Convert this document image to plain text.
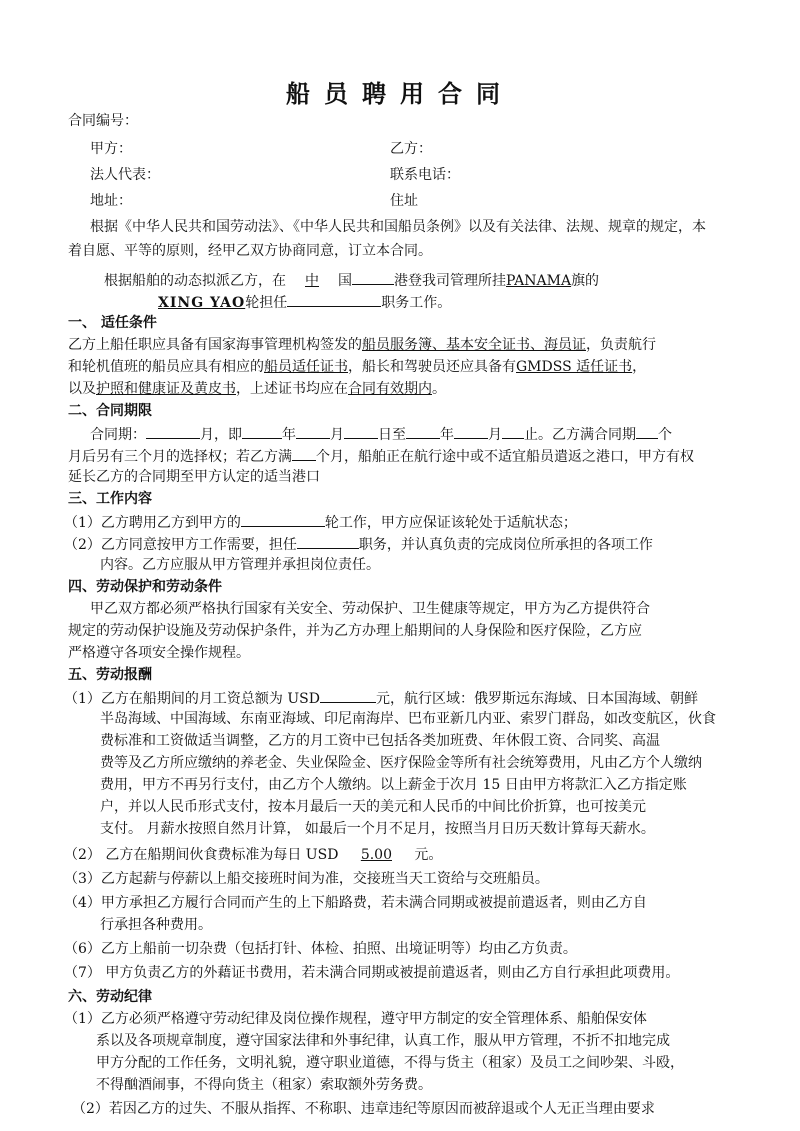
船员聘用合同
合同编号：
甲方：	乙方：
法人代表：	联系电话：
地址：	住址
根据《中华人民共和国劳动法》、《中华人民共和国船员条例》以及有关法律、法规、规章的规定，本
着自愿、平等的原则，经甲乙双方协商同意，订立本合同。
根据船舶的动态拟派乙方，在 中 国	港登我司管理所挂PANAMA旗的
XING YAO轮担任	职务工作。
一、 适任条件
乙方上船任职应具备有国家海事管理机构签发的船员服务簿、基本安全证书、海员证，负责航行
和轮机值班的船员应具有相应的船员适任证书，船长和驾驶员还应具备有GMDSS 适任证书，
以及护照和健康证及黄皮书，上述证书均应在合同有效期内。
二、合同期限
合同期：	月，即	年 月 日至 年 月 止。乙方满合同期 个
月后另有三个月的选择权；若乙方满 个月，船舶正在航行途中或不适宜船员遣返之港口，甲方有权
延长乙方的合同期至甲方认定的适当港口
三、工作内容
（1）乙方聘用乙方到甲方的	轮工作，甲方应保证该轮处于适航状态；
（2）乙方同意按甲方工作需要，担任	职务，并认真负责的完成岗位所承担的各项工作
内容。乙方应服从甲方管理并承担岗位责任。
四、劳动保护和劳动条件
甲乙双方都必须严格执行国家有关安全、劳动保护、卫生健康等规定，甲方为乙方提供符合
规定的劳动保护设施及劳动保护条件，并为乙方办理上船期间的人身保险和医疗保险，乙方应
严格遵守各项安全操作规程。
五、劳动报酬
（1）乙方在船期间的月工资总额为 USD	元，航行区域：俄罗斯远东海域、日本国海域、朝鲜
半岛海域、中国海域、东南亚海域、印尼南海岸、巴布亚新几内亚、索罗门群岛，如改变航区，伙食
费标准和工资做适当调整，乙方的月工资中已包括各类加班费、年休假工资、合同奖、高温
费等及乙方所应缴纳的养老金、失业保险金、医疗保险金等所有社会统筹费用，凡由乙方个人缴纳
费用，甲方不再另行支付，由乙方个人缴纳。以上薪金于次月 15 日由甲方将款汇入乙方指定账
户，并以人民币形式支付，按本月最后一天的美元和人民币的中间比价折算，也可按美元
支付。 月薪水按照自然月计算， 如最后一个月不足月，按照当月日历天数计算每天薪水。
（2） 乙方在船期间伙食费标准为每日 USD 5.00 元。
（3）乙方起薪与停薪以上船交接班时间为准，交接班当天工资给与交班船员。
（4）甲方承担乙方履行合同而产生的上下船路费，若未满合同期或被提前遣返者，则由乙方自
行承担各种费用。
（6）乙方上船前一切杂费（包括打针、体检、拍照、出境证明等）均由乙方负责。
（7） 甲方负责乙方的外藉证书费用，若未满合同期或被提前遣返者，则由乙方自行承担此项费用。
六、劳动纪律
（1）乙方必须严格遵守劳动纪律及岗位操作规程，遵守甲方制定的安全管理体系、船舶保安体
系以及各项规章制度，遵守国家法律和外事纪律，认真工作，服从甲方管理，不折不扣地完成
甲方分配的工作任务，文明礼貌，遵守职业道德，不得与货主（租家）及员工之间吵架、斗殴，
不得酗酒闹事，不得向货主（租家）索取额外劳务费。
（2）若因乙方的过失、不服从指挥、不称职、违章违纪等原因而被辞退或个人无正当理由要求
